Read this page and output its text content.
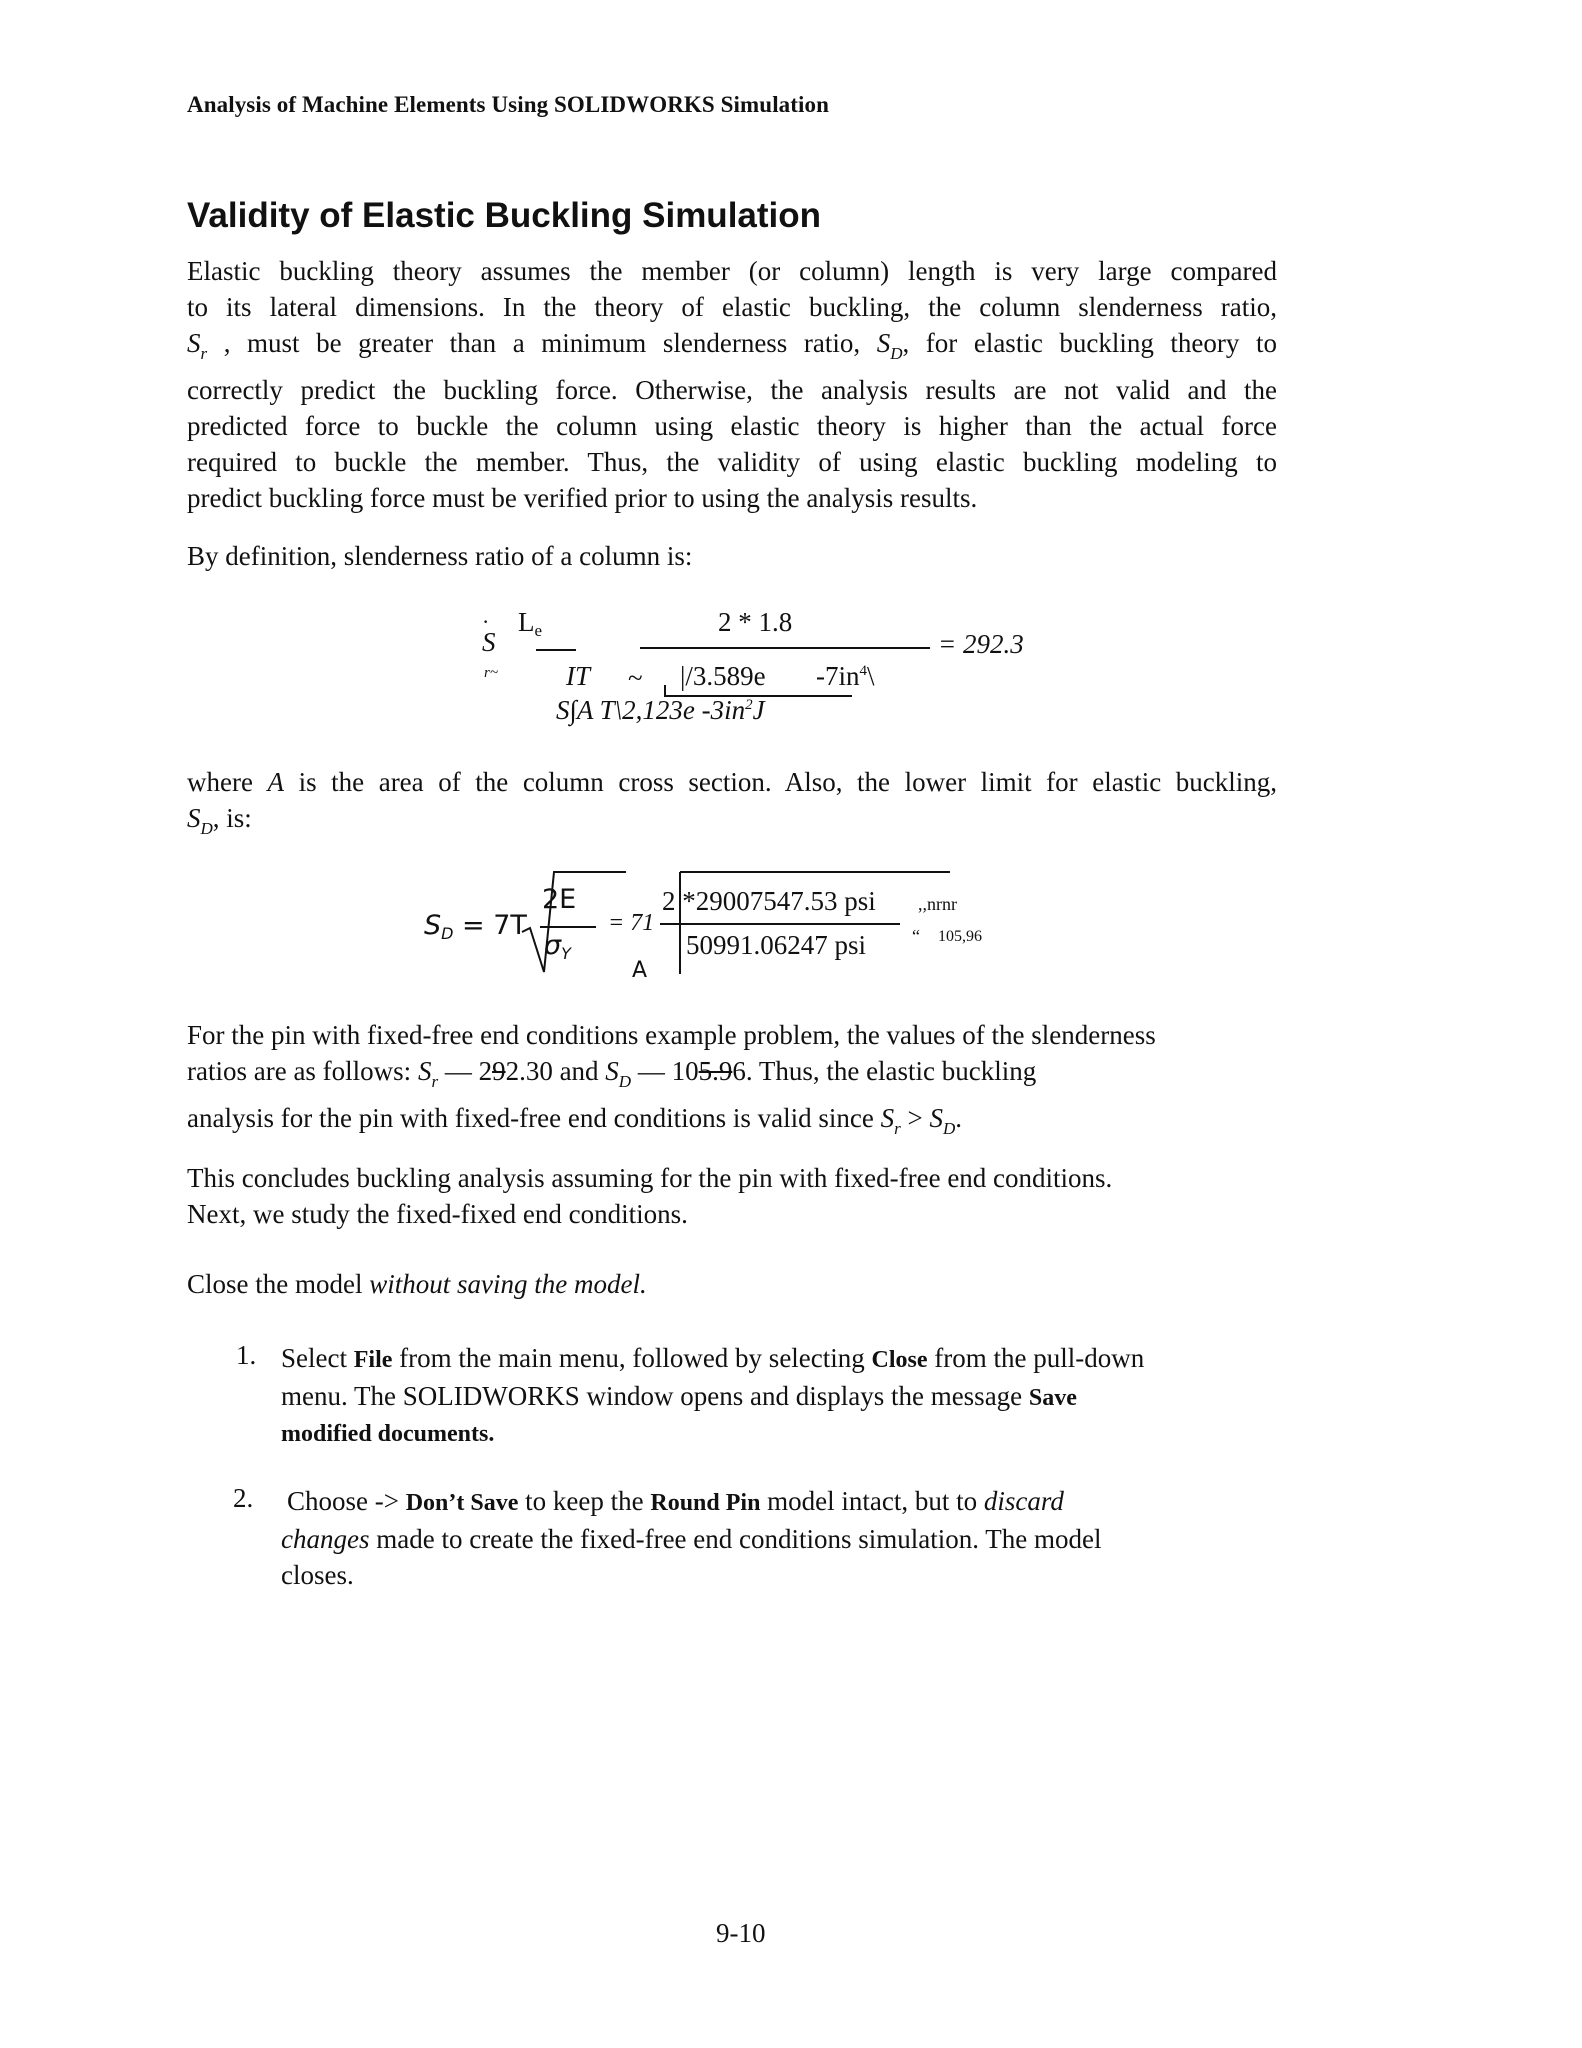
Analysis of Machine Elements Using SOLIDWORKS Simulation
Validity of Elastic Buckling Simulation
Elastic buckling theory assumes the member (or column) length is very large compared
to its lateral dimensions. In the theory of elastic buckling, the column slenderness ratio,
$S_r$ , must be greater than a minimum slenderness ratio, $S_D$, for elastic buckling theory to
correctly predict the buckling force. Otherwise, the analysis results are not valid and the
predicted force to buckle the column using elastic theory is higher than the actual force
required to buckle the member. Thus, the validity of using elastic buckling modeling to
predict buckling force must be verified prior to using the analysis results.
By definition, slenderness ratio of a column is:
S
· Le
r~	IT ~
2 * 1.8
= 292.3
|/3.589e $-7in^4\backslash$
S∫A T\2,123e $-3in^2J$
where A is the area of the column cross section. Also, the lower limit for elastic buckling,
$S_D$, is:
SD = 7T
2E
σY
= 71
A
2 *29007547.53 psi
50991.06247 psi
,,nrnr
“ 105,96
For the pin with fixed-free end conditions example problem, the values of the slenderness
ratios are as follows: $S_r$ — 292.30 and $S_D$ — 105.96. Thus, the elastic buckling
analysis for the pin with fixed-free end conditions is valid since $S_r > S_D$.
This concludes buckling analysis assuming for the pin with fixed-free end conditions.
Next, we study the fixed-fixed end conditions.
Close the model without saving the model.
1. Select File from the main menu, followed by selecting Close from the pull-down
menu. The SOLIDWORKS window opens and displays the message Save
modified documents.
2. Choose -> Don’t Save to keep the Round Pin model intact, but to discard
changes made to create the fixed-free end conditions simulation. The model
closes.
9-10
